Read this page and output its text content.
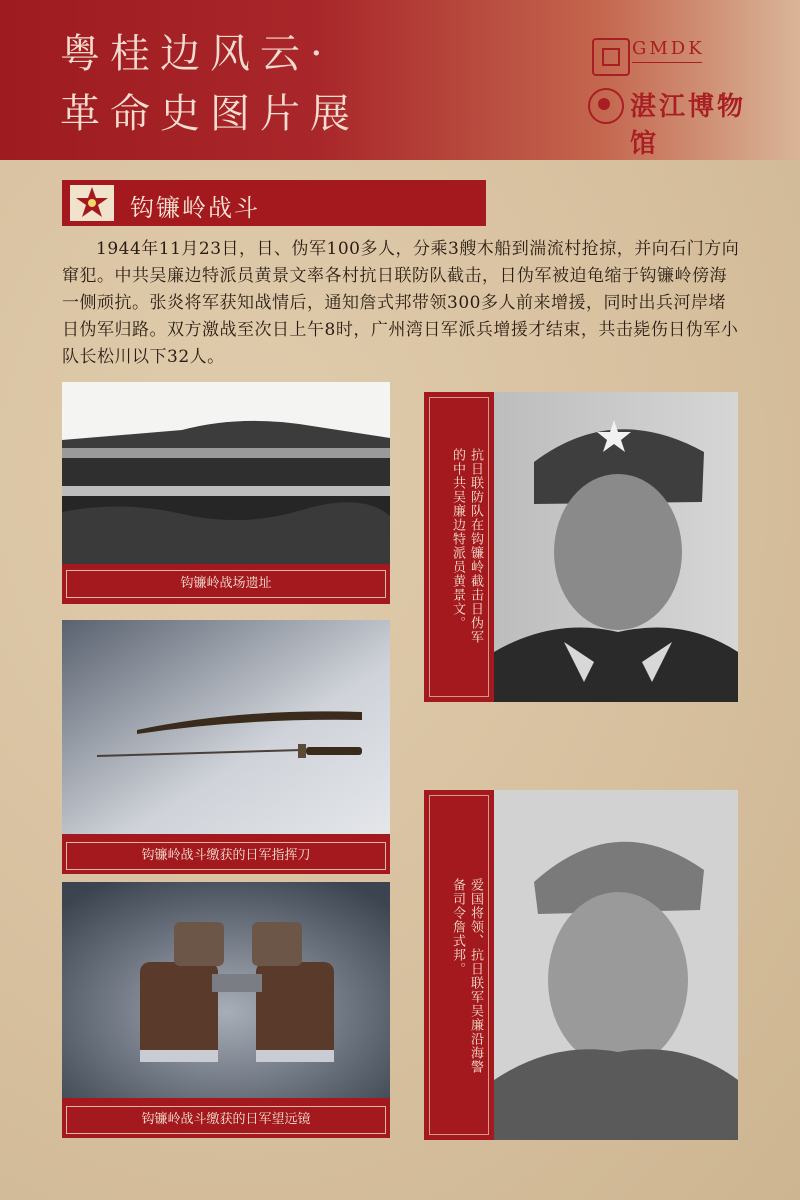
粤桂边风云·
革命史图片展
GMDK
湛江博物馆
钩镰岭战斗
1944年11月23日，日、伪军100多人，分乘3艘木船到湍流村抢掠，并向石门方向窜犯。中共吴廉边特派员黄景文率各村抗日联防队截击，日伪军被迫龟缩于钩镰岭傍海一侧顽抗。张炎将军获知战情后，通知詹式邦带领300多人前来增援，同时出兵河岸堵日伪军归路。双方激战至次日上午8时，广州湾日军派兵增援才结束，共击毙伤日伪军小队长松川以下32人。
钩镰岭战场遗址
钩镰岭战斗缴获的日军指挥刀
钩镰岭战斗缴获的日军望远镜
抗日联防队在钩镰岭截击日伪军的中共吴廉边特派员黄景文。
爱国将领、抗日联军吴廉沿海警备司令詹式邦。
